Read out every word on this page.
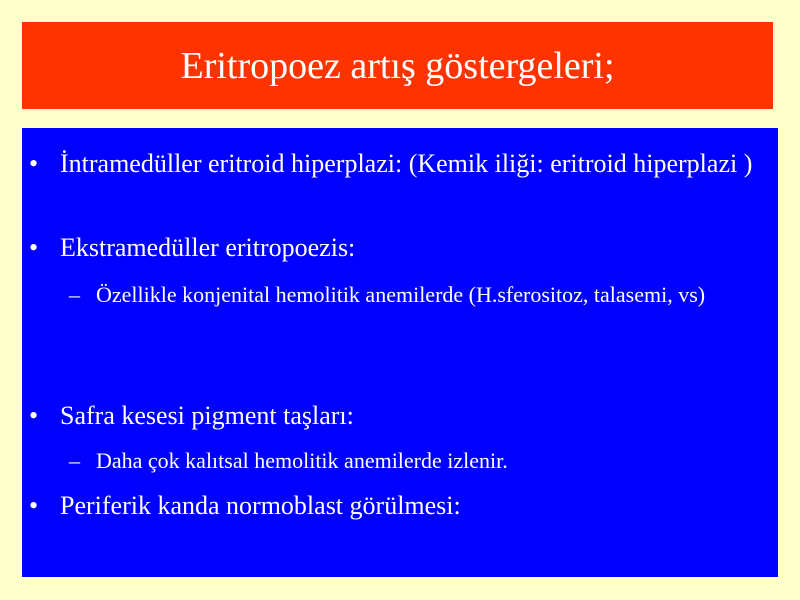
Eritropoez artış göstergeleri;
• İntramedüller eritroid hiperplazi: (Kemik iliği: eritroid hiperplazi )
• Ekstramedüller eritropoezis:
– Özellikle konjenital hemolitik anemilerde (H.sferositoz, talasemi, vs)
• Safra kesesi pigment taşları:
– Daha çok kalıtsal hemolitik anemilerde izlenir.
• Periferik kanda normoblast görülmesi:
